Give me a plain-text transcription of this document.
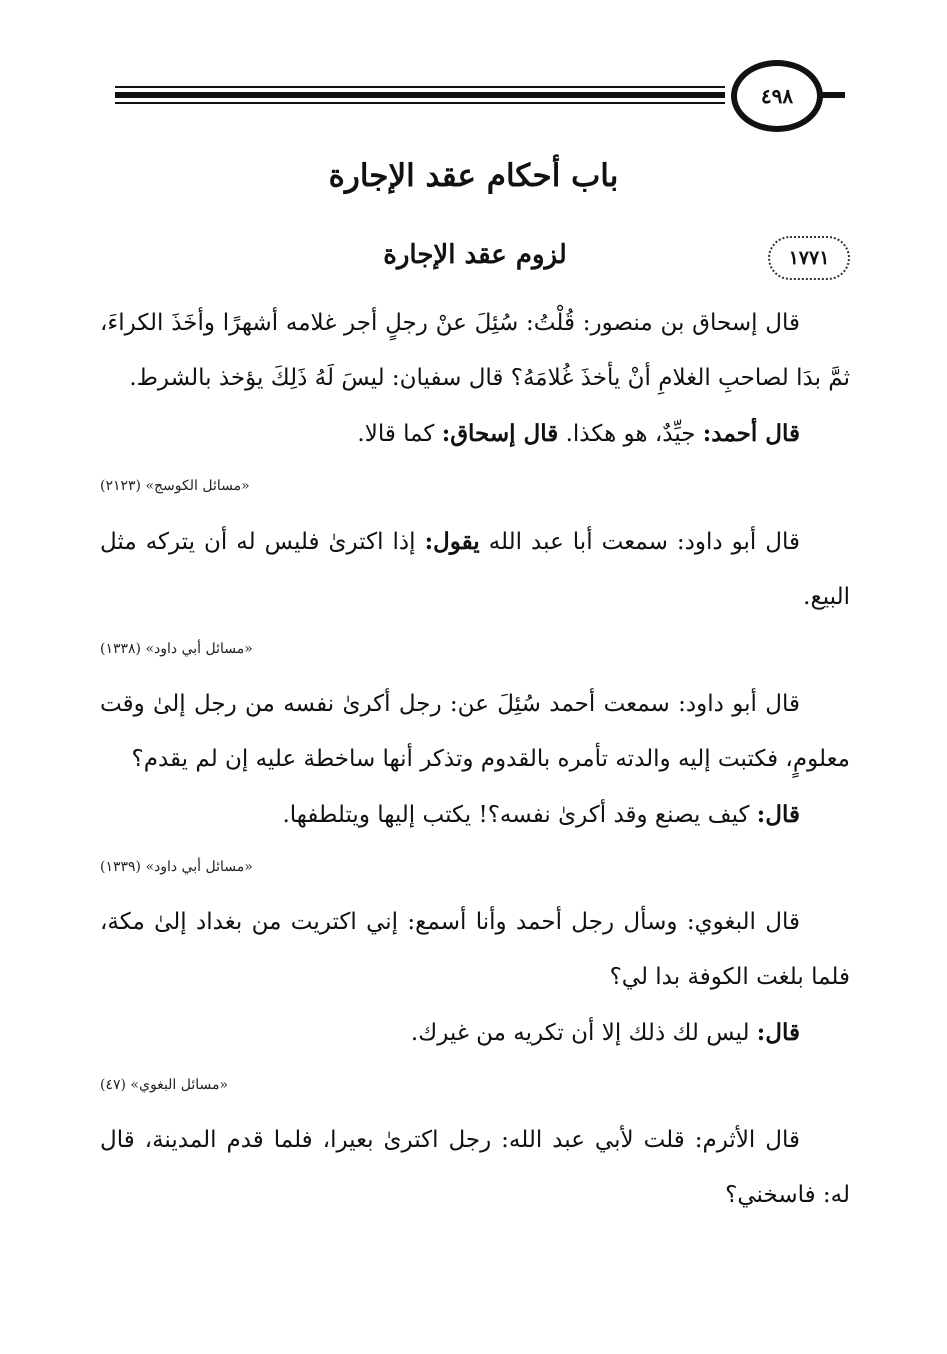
٤٩٨
باب أحكام عقد الإجارة
١٧٧١
لزوم عقد الإجارة

قال إسحاق بن منصور: قُلْتُ: سُئِلَ عنْ رجلٍ أجر غلامه أشهرًا وأخَذَ الكراءَ، ثمَّ بدَا لصاحبِ الغلامِ أنْ يأخذَ غُلامَهُ؟ قال سفيان: ليسَ لَهُ ذَلِكَ يؤخذ بالشرط.

قال أحمد: جيِّدٌ، هو هكذا. قال إسحاق: كما قالا.

«مسائل الكوسج» (٢١٢٣)

قال أبو داود: سمعت أبا عبد الله يقول: إذا اكترىٰ فليس له أن يتركه مثل البيع.

«مسائل أبي داود» (١٣٣٨)

قال أبو داود: سمعت أحمد سُئِلَ عن: رجل أكرىٰ نفسه من رجل إلىٰ وقت معلومٍ، فكتبت إليه والدته تأمره بالقدوم وتذكر أنها ساخطة عليه إن لم يقدم؟

قال: كيف يصنع وقد أكرىٰ نفسه؟! يكتب إليها ويتلطفها.

«مسائل أبي داود» (١٣٣٩)

قال البغوي: وسأل رجل أحمد وأنا أسمع: إني اكتريت من بغداد إلىٰ مكة، فلما بلغت الكوفة بدا لي؟

قال: ليس لك ذلك إلا أن تكريه من غيرك.

«مسائل البغوي» (٤٧)

قال الأثرم: قلت لأبي عبد الله: رجل اكترىٰ بعيرا، فلما قدم المدينة، قال له: فاسخني؟
